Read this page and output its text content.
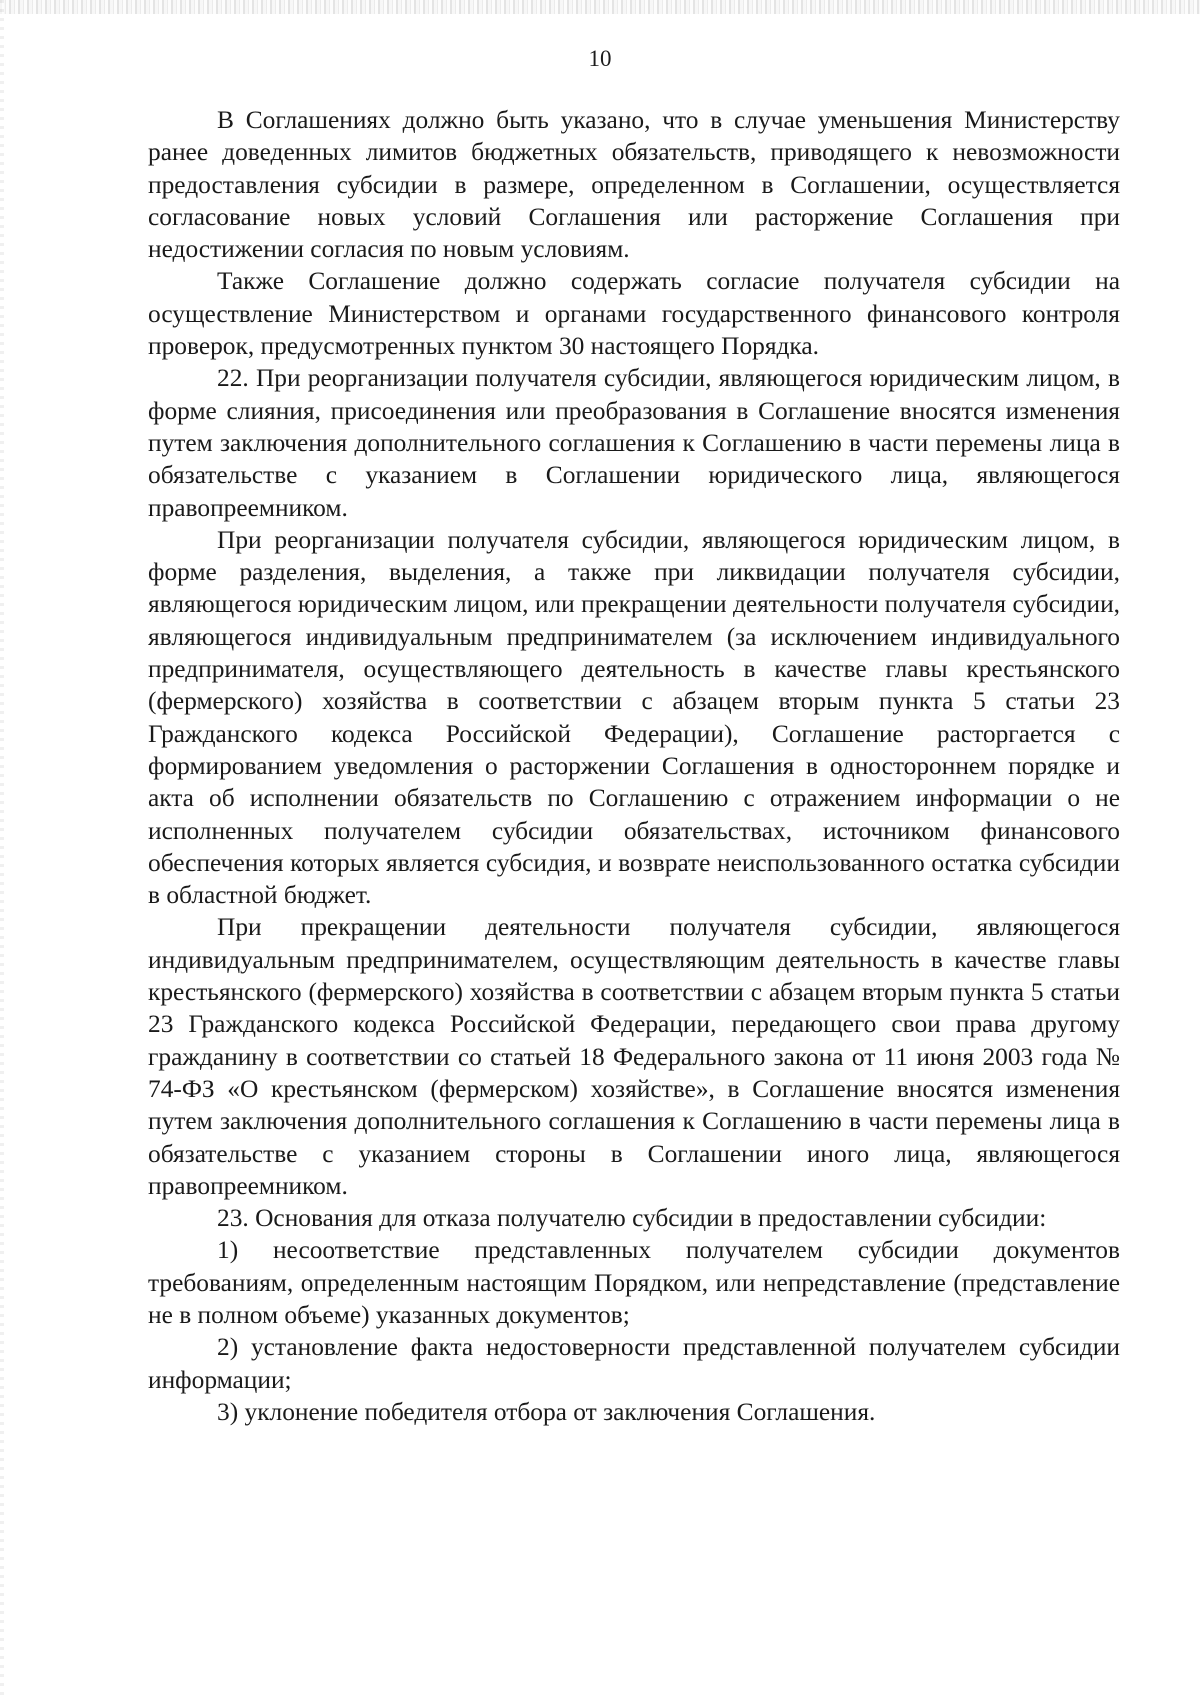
10

В Соглашениях должно быть указано, что в случае уменьшения Министерству ранее доведенных лимитов бюджетных обязательств, приводящего к невозможности предоставления субсидии в размере, определенном в Соглашении, осуществляется согласование новых условий Соглашения или расторжение Соглашения при недостижении согласия по новым условиям.

Также Соглашение должно содержать согласие получателя субсидии на осуществление Министерством и органами государственного финансового контроля проверок, предусмотренных пунктом 30 настоящего Порядка.

22. При реорганизации получателя субсидии, являющегося юридическим лицом, в форме слияния, присоединения или преобразования в Соглашение вносятся изменения путем заключения дополнительного соглашения к Соглашению в части перемены лица в обязательстве с указанием в Соглашении юридического лица, являющегося правопреемником.

При реорганизации получателя субсидии, являющегося юридическим лицом, в форме разделения, выделения, а также при ликвидации получателя субсидии, являющегося юридическим лицом, или прекращении деятельности получателя субсидии, являющегося индивидуальным предпринимателем (за исключением индивидуального предпринимателя, осуществляющего деятельность в качестве главы крестьянского (фермерского) хозяйства в соответствии с абзацем вторым пункта 5 статьи 23 Гражданского кодекса Российской Федерации), Соглашение расторгается с формированием уведомления о расторжении Соглашения в одностороннем порядке и акта об исполнении обязательств по Соглашению с отражением информации о не исполненных получателем субсидии обязательствах, источником финансового обеспечения которых является субсидия, и возврате неиспользованного остатка субсидии в областной бюджет.

При прекращении деятельности получателя субсидии, являющегося индивидуальным предпринимателем, осуществляющим деятельность в качестве главы крестьянского (фермерского) хозяйства в соответствии с абзацем вторым пункта 5 статьи 23 Гражданского кодекса Российской Федерации, передающего свои права другому гражданину в соответствии со статьей 18 Федерального закона от 11 июня 2003 года № 74-ФЗ «О крестьянском (фермерском) хозяйстве», в Соглашение вносятся изменения путем заключения дополнительного соглашения к Соглашению в части перемены лица в обязательстве с указанием стороны в Соглашении иного лица, являющегося правопреемником.

23. Основания для отказа получателю субсидии в предоставлении субсидии:

1) несоответствие представленных получателем субсидии документов требованиям, определенным настоящим Порядком, или непредставление (представление не в полном объеме) указанных документов;

2) установление факта недостоверности представленной получателем субсидии информации;

3) уклонение победителя отбора от заключения Соглашения.
